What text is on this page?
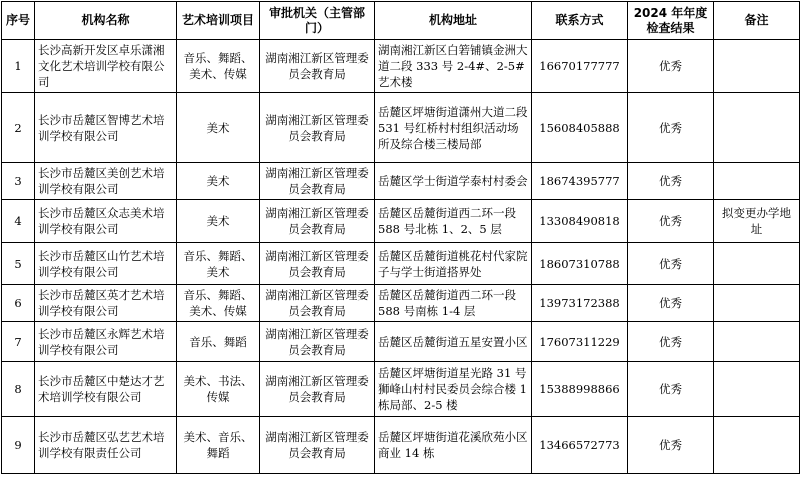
序号	机构名称	艺术培训项目	审批机关（主管部门）	机构地址	联系方式	2024 年年度检查结果	备注
1	长沙高新开发区卓乐潇湘文化艺术培训学校有限公司	音乐、舞蹈、美术、传媒	湖南湘江新区管理委员会教育局	湖南湘江新区白箬铺镇金洲大道二段 333 号 2-4#、2-5#艺术楼	16670177777	优秀	
2	长沙市岳麓区智博艺术培训学校有限公司	美术	湖南湘江新区管理委员会教育局	岳麓区坪塘街道潇州大道二段 531 号红桥村村组织活动场所及综合楼三楼局部	15608405888	优秀	
3	长沙市岳麓区美创艺术培训学校有限公司	美术	湖南湘江新区管理委员会教育局	岳麓区学士街道学泰村村委会	18674395777	优秀	
4	长沙市岳麓区众志美术培训学校有限公司	美术	湖南湘江新区管理委员会教育局	岳麓区岳麓街道西二环一段 588 号北栋 1、2、5 层	13308490818	优秀	拟变更办学地址
5	长沙市岳麓区山竹艺术培训学校有限公司	音乐、舞蹈、美术	湖南湘江新区管理委员会教育局	岳麓区岳麓街道桃花村代家院子与学士街道搭界处	18607310788	优秀	
6	长沙市岳麓区英才艺术培训学校有限公司	音乐、舞蹈、美术、传媒	湖南湘江新区管理委员会教育局	岳麓区岳麓街道西二环一段 588 号南栋 1-4 层	13973172388	优秀	
7	长沙市岳麓区永辉艺术培训学校有限公司	音乐、舞蹈	湖南湘江新区管理委员会教育局	岳麓区岳麓街道五星安置小区	17607311229	优秀	
8	长沙市岳麓区中楚达才艺术培训学校有限公司	美术、书法、传媒	湖南湘江新区管理委员会教育局	岳麓区坪塘街道星光路 31 号狮峰山村村民委员会综合楼 1 栋局部、2-5 楼	15388998866	优秀	
9	长沙市岳麓区弘艺艺术培训学校有限责任公司	美术、音乐、舞蹈	湖南湘江新区管理委员会教育局	岳麓区坪塘街道花溪欣苑小区商业 14 栋	13466572773	优秀	
